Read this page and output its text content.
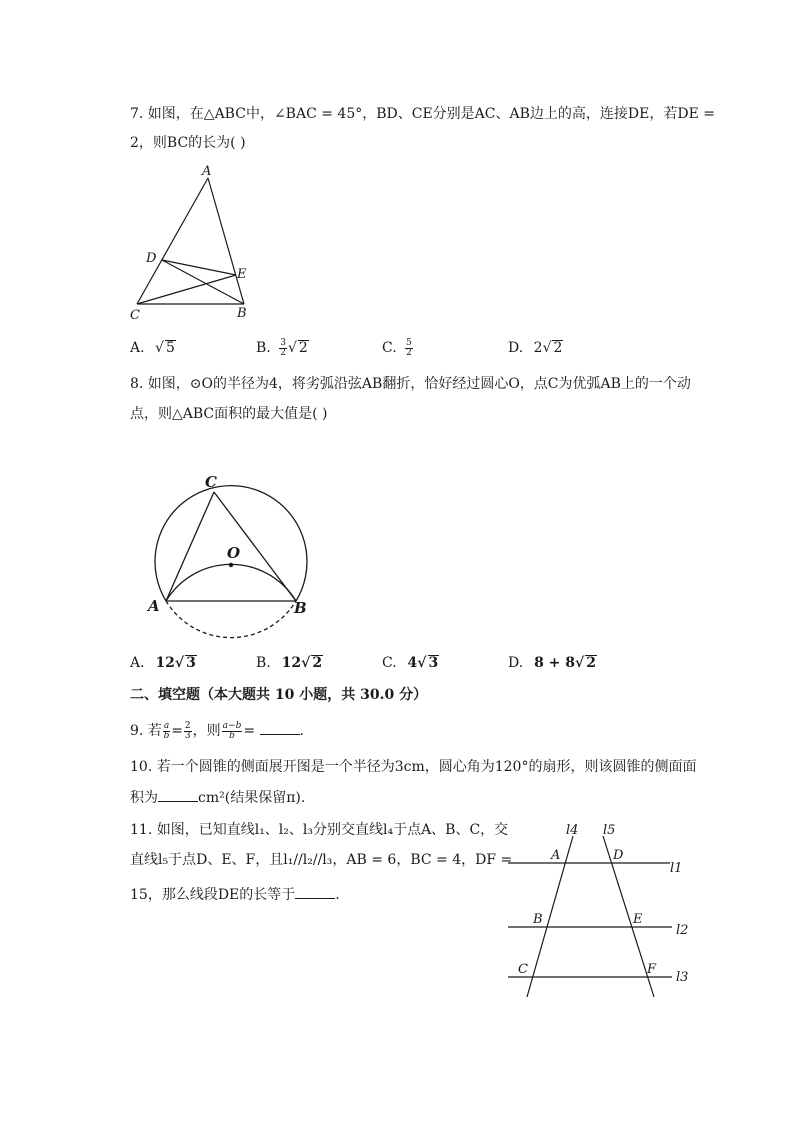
7. 如图，在△ABC中，∠BAC = 45°，BD、CE分别是AC、AB边上的高，连接DE，若DE =
2，则BC的长为( )
A
D
E
C	B
A. √ 5	B. $\frac{3}{2}$ √ 2	C. $\frac{5}{2}$	D. 2√ 2
8. 如图，⊙O的半径为4，将劣弧沿弦AB翻折，恰好经过圆心O，点C为优弧AB上的一个动
点，则△ABC面积的最大值是( )
C
O
A	B
A. 12√ 3	B. 12√ 2	C. 4√ 3	D. 8 + 8√ 2
二、填空题（本大题共 10 小题，共 30.0 分）
9. 若 $\frac{a}{b} = \frac{2}{3}$ ，则 $\frac{a-b}{b}$ =	.
10. 若一个圆锥的侧面展开图是一个半径为3cm，圆心角为120°的扇形，则该圆锥的侧面面
积为	cm²(结果保留π).
11. 如图，已知直线l₁、l₂、l₃分别交直线l₄于点A、B、C，交
直线l₅于点D、E、F，且l₁//l₂//l₃，AB = 6，BC = 4，DF =
15，那么线段DE的长等于	.
l4 l5
A	D
l1
B	E
l2
C	F
l3
